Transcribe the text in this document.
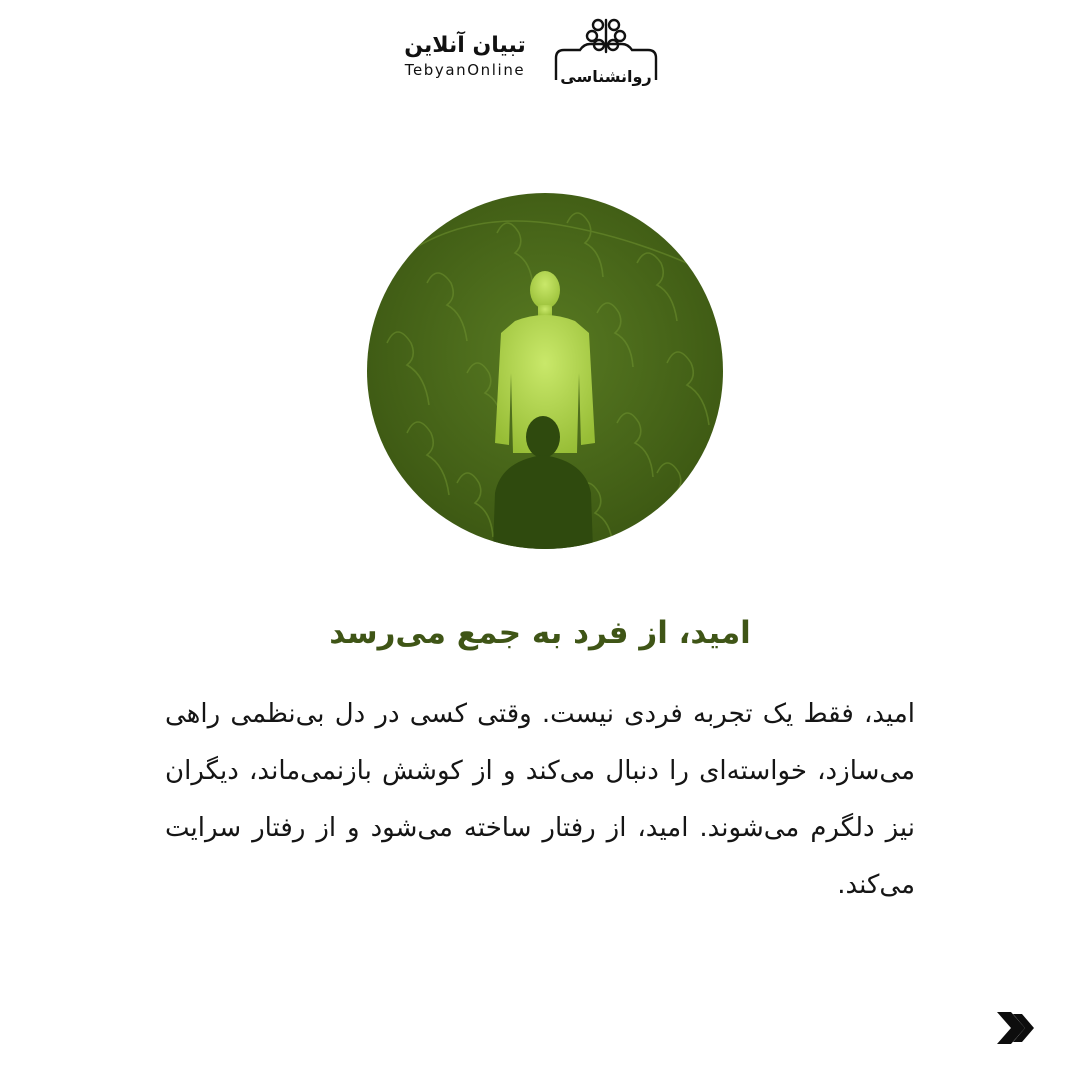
تبیان آنلاین
TebyanOnline	روانشناسی
امید، از فرد به جمع می‌رسد

امید، فقط یک تجربه فردی نیست. وقتی کسی در دل بی‌نظمی راهی می‌سازد، خواسته‌ای را دنبال می‌کند و از کوشش بازنمی‌ماند، دیگران نیز دلگرم می‌شوند. امید، از رفتار ساخته می‌شود و از رفتار سرایت می‌کند.
